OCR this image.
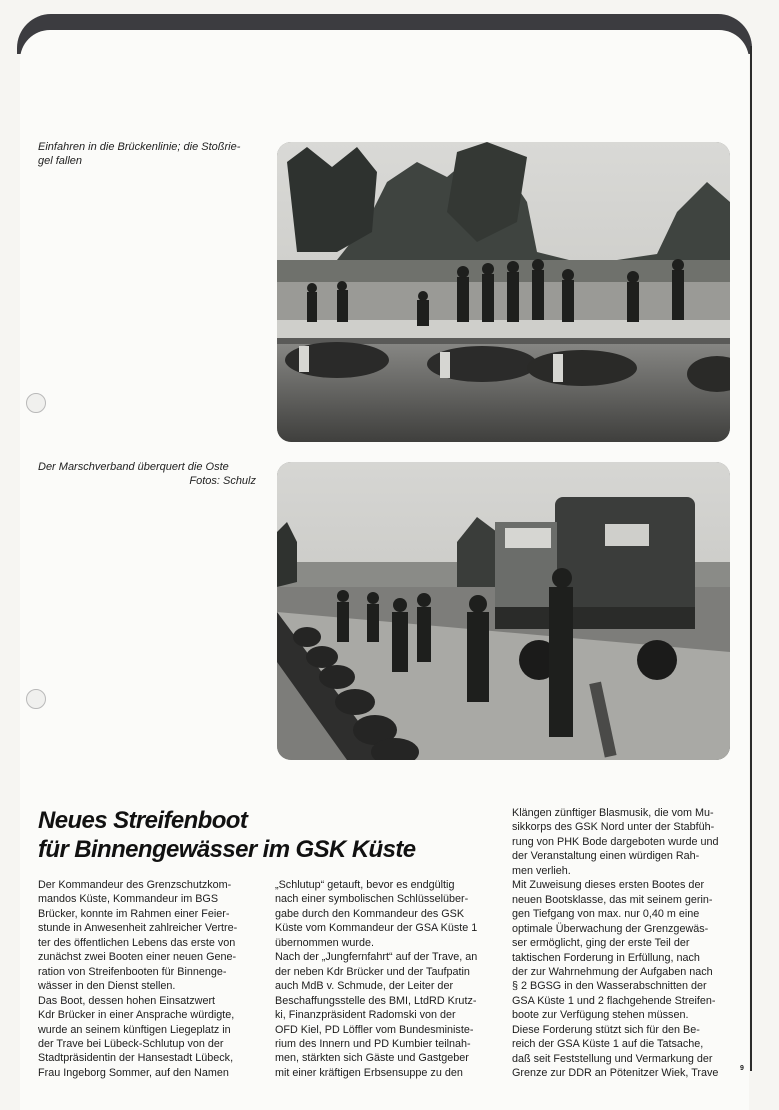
Einfahren in die Brückenlinie; die Stoßrie-
gel fallen
Der Marschverband überquert die Oste
Fotos: Schulz
Neues Streifenboot
für Binnengewässer im GSK Küste
Der Kommandeur des Grenzschutzkom-
mandos Küste, Kommandeur im BGS
Brücker, konnte im Rahmen einer Feier-
stunde in Anwesenheit zahlreicher Vertre-
ter des öffentlichen Lebens das erste von
zunächst zwei Booten einer neuen Gene-
ration von Streifenbooten für Binnenge-
wässer in den Dienst stellen.
Das Boot, dessen hohen Einsatzwert
Kdr Brücker in einer Ansprache würdigte,
wurde an seinem künftigen Liegeplatz in
der Trave bei Lübeck-Schlutup von der
Stadtpräsidentin der Hansestadt Lübeck,
Frau Ingeborg Sommer, auf den Namen
„Schlutup“ getauft, bevor es endgültig
nach einer symbolischen Schlüsselüber-
gabe durch den Kommandeur des GSK
Küste vom Kommandeur der GSA Küste 1
übernommen wurde.
Nach der „Jungfernfahrt“ auf der Trave, an
der neben Kdr Brücker und der Taufpatin
auch MdB v. Schmude, der Leiter der
Beschaffungsstelle des BMI, LtdRD Krutz-
ki, Finanzpräsident Radomski von der
OFD Kiel, PD Löffler vom Bundesministe-
rium des Innern und PD Kumbier teilnah-
men, stärkten sich Gäste und Gastgeber
mit einer kräftigen Erbsensuppe zu den
Klängen zünftiger Blasmusik, die vom Mu-
sikkorps des GSK Nord unter der Stabfüh-
rung von PHK Bode dargeboten wurde und
der Veranstaltung einen würdigen Rah-
men verlieh.
Mit Zuweisung dieses ersten Bootes der
neuen Bootsklasse, das mit seinem gerin-
gen Tiefgang von max. nur 0,40 m eine
optimale Überwachung der Grenzgewäs-
ser ermöglicht, ging der erste Teil der
taktischen Forderung in Erfüllung, nach
der zur Wahrnehmung der Aufgaben nach
§ 2 BGSG in den Wasserabschnitten der
GSA Küste 1 und 2 flachgehende Streifen-
boote zur Verfügung stehen müssen.
Diese Forderung stützt sich für den Be-
reich der GSA Küste 1 auf die Tatsache,
daß seit Feststellung und Vermarkung der
Grenze zur DDR an Pötenitzer Wiek, Trave	9
